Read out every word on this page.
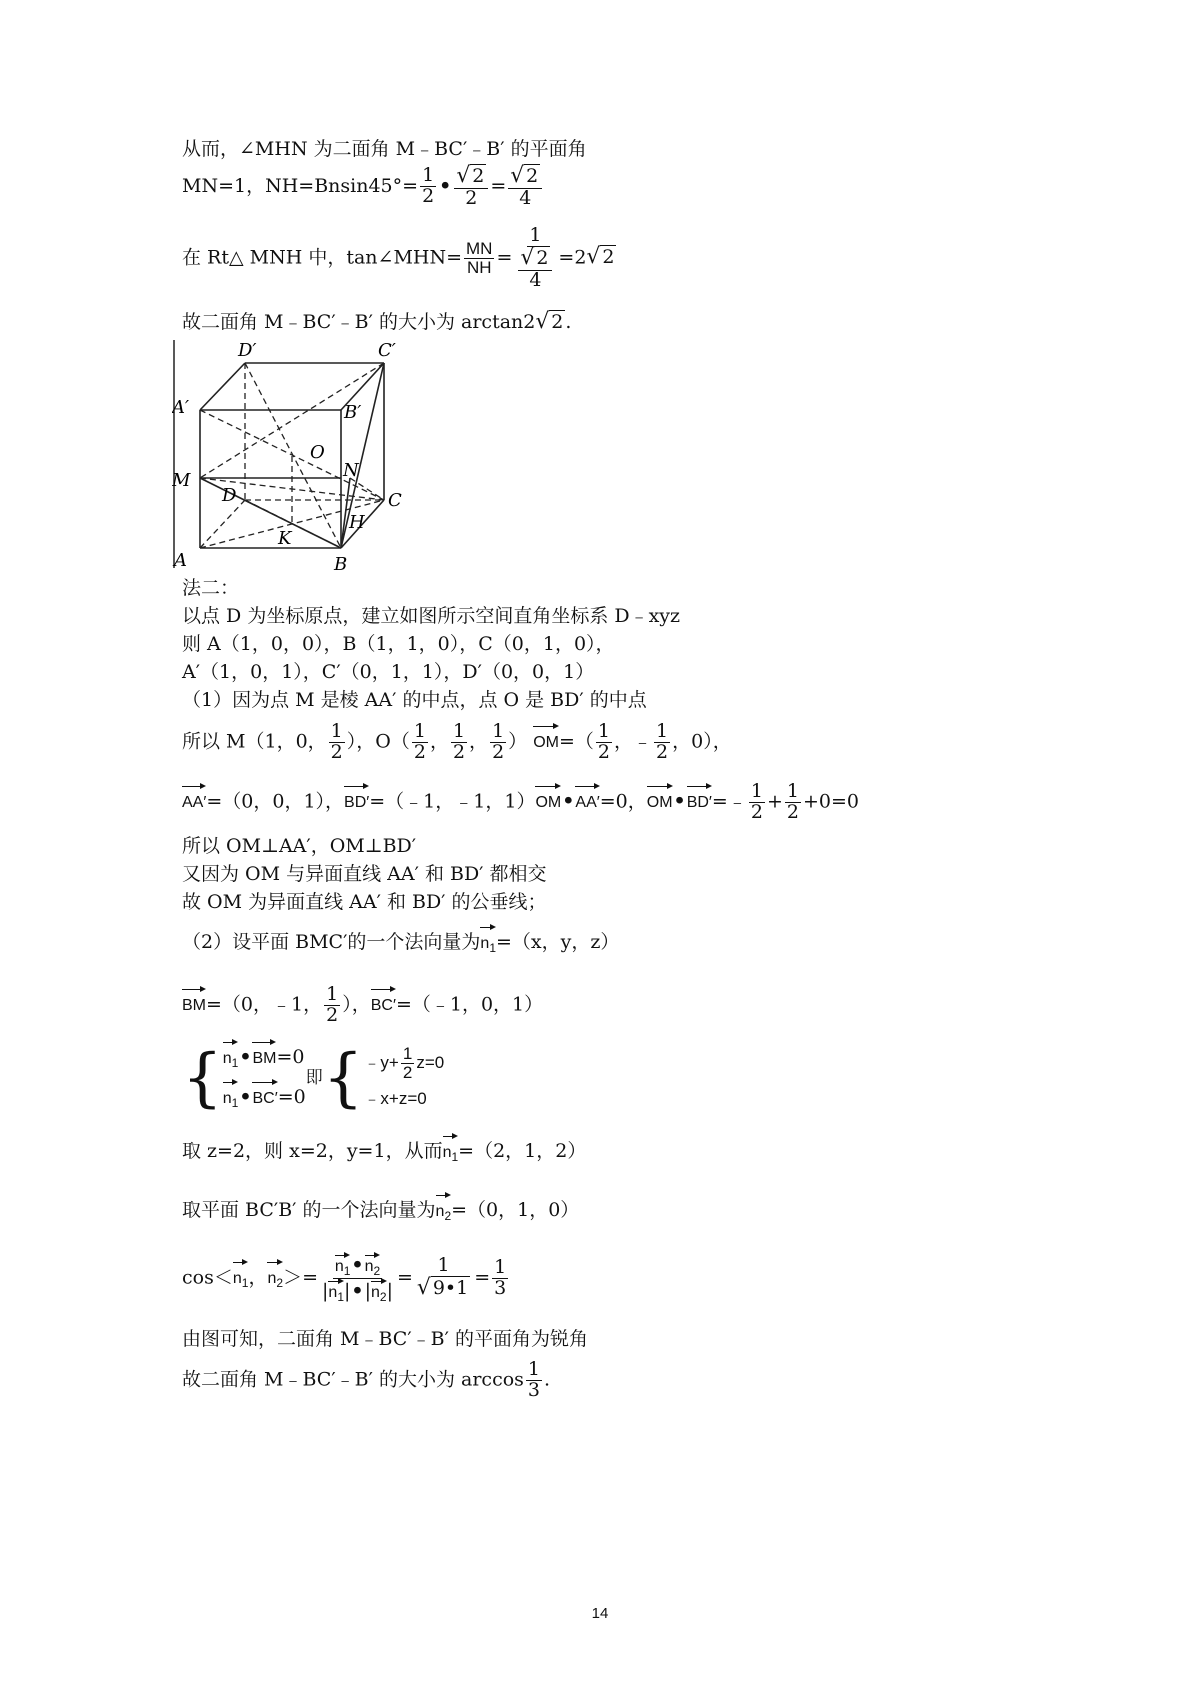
从而，∠MHN 为二面角 M﹣BC′﹣B′ 的平面角
MN=1，$NH=Bnsin45^\circ= \frac{1}{2}$ • $\frac{√ 2}{2} = \frac{√ 2}{4}$
在 Rt△ MNH 中，tan∠MHN= $\frac{MN}{NH} = \frac{1}{\frac{√ 2}{4}} =2√$ 2
故二面角 M﹣BC′﹣B′ 的大小为 arctan2√ 2 .
D′	C′
A′	B′
O
M	N
D	C
H
A
K
B
法二：
以点 D 为坐标原点，建立如图所示空间直角坐标系 D﹣xyz
则 A（1，0，0），B（1，1，0），C（0，1，0），
A′（1，0，1），C′（0，1，1），D′（0，0，1）
（1）因为点 M 是棱 AA′ 的中点，点 O 是 BD′ 的中点
所以 M（1，0， $\frac{1}{2}$ ），$O( \frac{1}{2}$ ， $\frac{1}{2}$ ， $\frac{1}{2}$ ） $OM=( \frac{1}{2}$ ，﹣ $\frac{1}{2}$ ，0），
AA′=（0，0，1），BD′=（﹣1，﹣1，1）OM•AA′=0，OM•BD′=﹣ $\frac{1}{2} + \frac{1}{2} +0=0$
所以 OM⊥AA′，OM⊥BD′
又因为 OM 与异面直线 AA′ 和 BD′ 都相交
故 OM 为异面直线 AA′ 和 BD′ 的公垂线；
（2）设平面 BMC′的一个法向量为$n_1=(x$，y，z）
BM=（0，﹣1， $\frac{1}{2}$ ），BC′=（﹣1，0，1）
{ $n_1•BM=0$
$n_1•BC'=0$
即{ ﹣y+ $\frac{1}{2} z=0$
﹣x+z=0
取 z=2，则 x=2，y=1，从而$n_1=(2$，1，2）
取平面 BC′B′ 的一个法向量为$n_2=(0$，1，0）
$\cos<n_1$，$n_2>= \frac{n_1•n_2}{|n_1|•|n_2|} = \frac{1}{√ 9•1} = \frac{1}{3}$
由图可知，二面角 M﹣BC′﹣B′ 的平面角为锐角
故二面角 M﹣BC′﹣B′ 的大小为 $\arccos \frac{1}{3}$ .
14
